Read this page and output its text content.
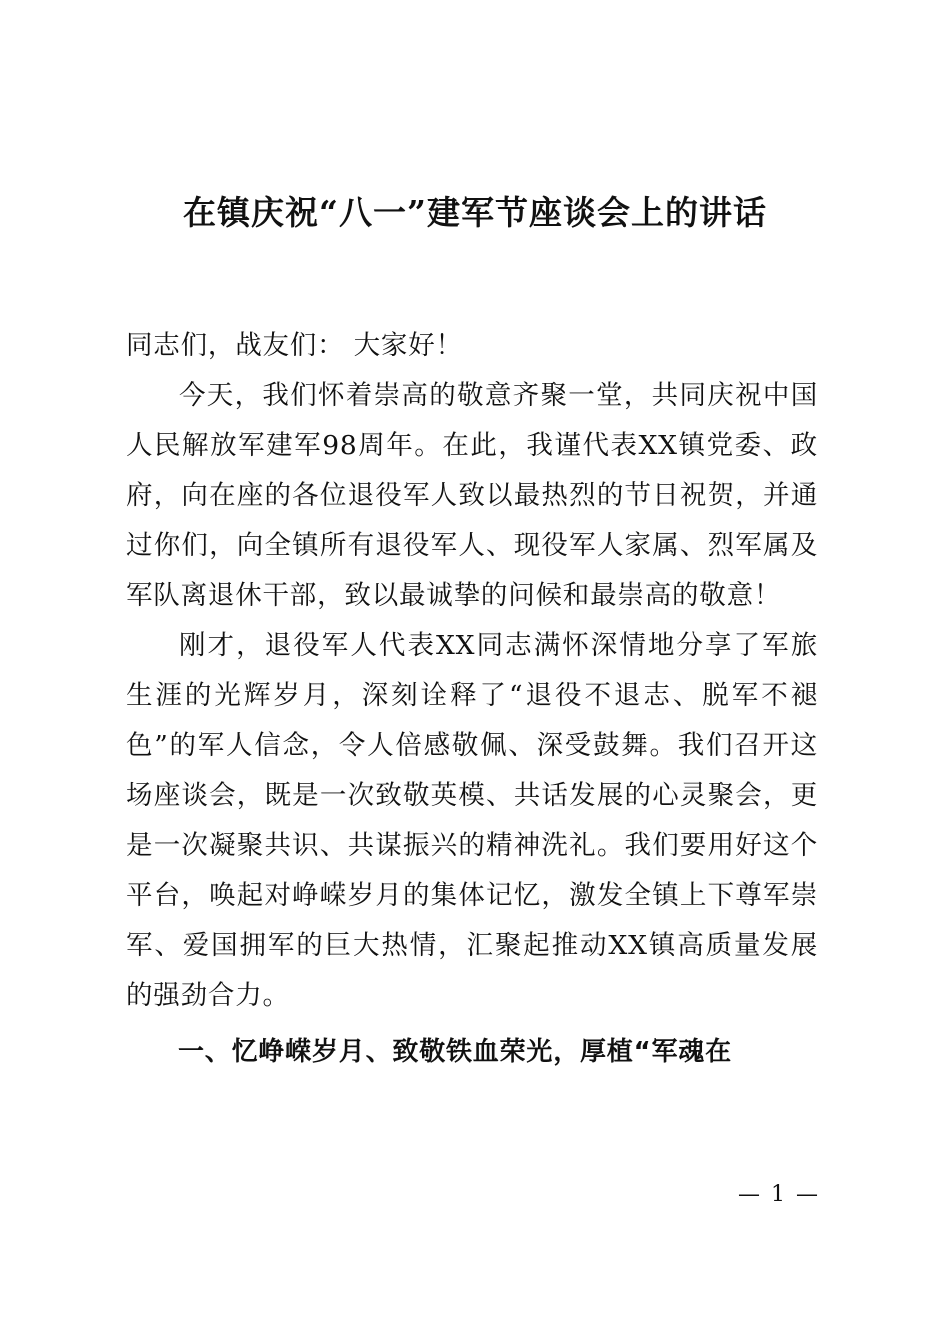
在镇庆祝“八一”建军节座谈会上的讲话

同志们，战友们： 大家好！

今天，我们怀着崇高的敬意齐聚一堂，共同庆祝中国人民解放军建军98周年。在此，我谨代表XX镇党委、政府，向在座的各位退役军人致以最热烈的节日祝贺，并通过你们，向全镇所有退役军人、现役军人家属、烈军属及军队离退休干部，致以最诚挚的问候和最崇高的敬意！

刚才，退役军人代表XX同志满怀深情地分享了军旅生涯的光辉岁月，深刻诠释了“退役不退志、脱军不褪色”的军人信念，令人倍感敬佩、深受鼓舞。我们召开这场座谈会，既是一次致敬英模、共话发展的心灵聚会，更是一次凝聚共识、共谋振兴的精神洗礼。我们要用好这个平台，唤起对峥嵘岁月的集体记忆，激发全镇上下尊军崇军、爱国拥军的巨大热情，汇聚起推动XX镇高质量发展的强劲合力。

一、忆峥嵘岁月、致敬铁血荣光，厚植“军魂在

— 1 —
